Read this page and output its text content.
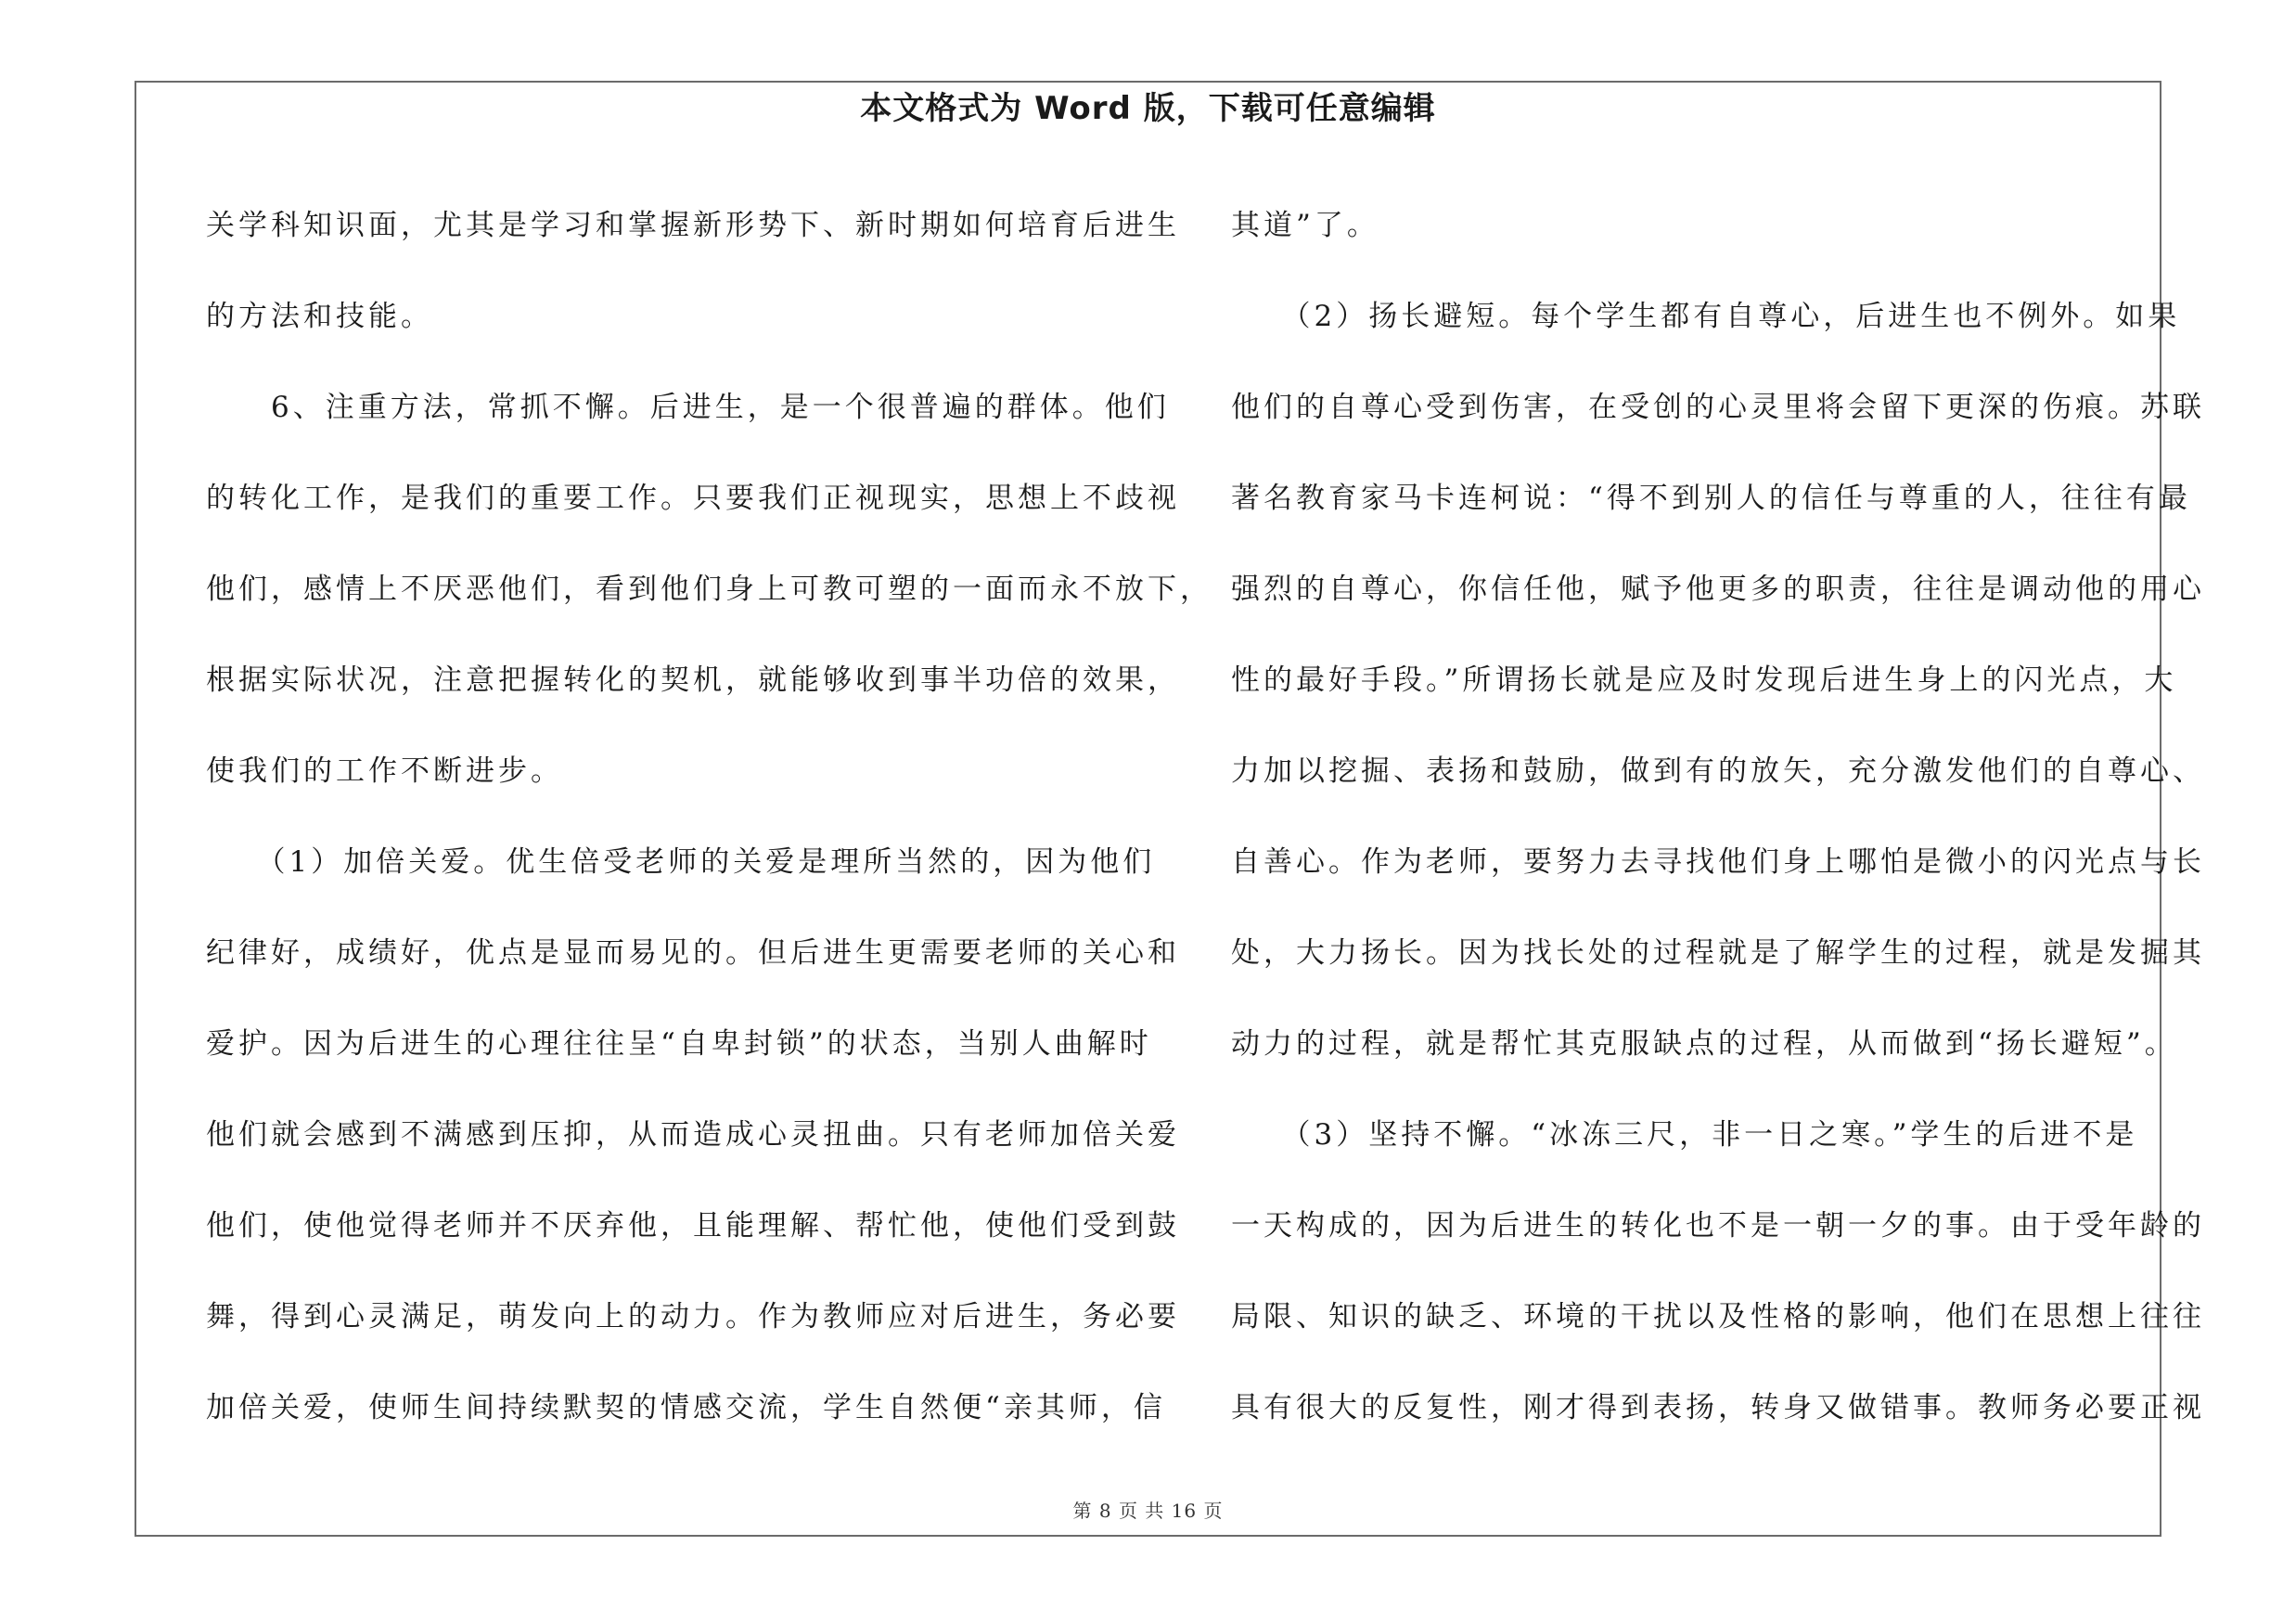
本文格式为 Word 版，下载可任意编辑
关学科知识面，尤其是学习和掌握新形势下、新时期如何培育后进生
的方法和技能。
　　6、注重方法，常抓不懈。后进生，是一个很普遍的群体。他们
的转化工作，是我们的重要工作。只要我们正视现实，思想上不歧视
他们，感情上不厌恶他们，看到他们身上可教可塑的一面而永不放下，
根据实际状况，注意把握转化的契机，就能够收到事半功倍的效果，
使我们的工作不断进步。
　　（1）加倍关爱。优生倍受老师的关爱是理所当然的，因为他们
纪律好，成绩好，优点是显而易见的。但后进生更需要老师的关心和
爱护。因为后进生的心理往往呈“自卑封锁”的状态，当别人曲解时
他们就会感到不满感到压抑，从而造成心灵扭曲。只有老师加倍关爱
他们，使他觉得老师并不厌弃他，且能理解、帮忙他，使他们受到鼓
舞，得到心灵满足，萌发向上的动力。作为教师应对后进生，务必要
加倍关爱，使师生间持续默契的情感交流，学生自然便“亲其师，信
其道”了。
　　（2）扬长避短。每个学生都有自尊心，后进生也不例外。如果
他们的自尊心受到伤害，在受创的心灵里将会留下更深的伤痕。苏联
著名教育家马卡连柯说：“得不到别人的信任与尊重的人，往往有最
强烈的自尊心，你信任他，赋予他更多的职责，往往是调动他的用心
性的最好手段。”所谓扬长就是应及时发现后进生身上的闪光点，大
力加以挖掘、表扬和鼓励，做到有的放矢，充分激发他们的自尊心、
自善心。作为老师，要努力去寻找他们身上哪怕是微小的闪光点与长
处，大力扬长。因为找长处的过程就是了解学生的过程，就是发掘其
动力的过程，就是帮忙其克服缺点的过程，从而做到“扬长避短”。
　　（3）坚持不懈。“冰冻三尺，非一日之寒。”学生的后进不是
一天构成的，因为后进生的转化也不是一朝一夕的事。由于受年龄的
局限、知识的缺乏、环境的干扰以及性格的影响，他们在思想上往往
具有很大的反复性，刚才得到表扬，转身又做错事。教师务必要正视
第 8 页 共 16 页
